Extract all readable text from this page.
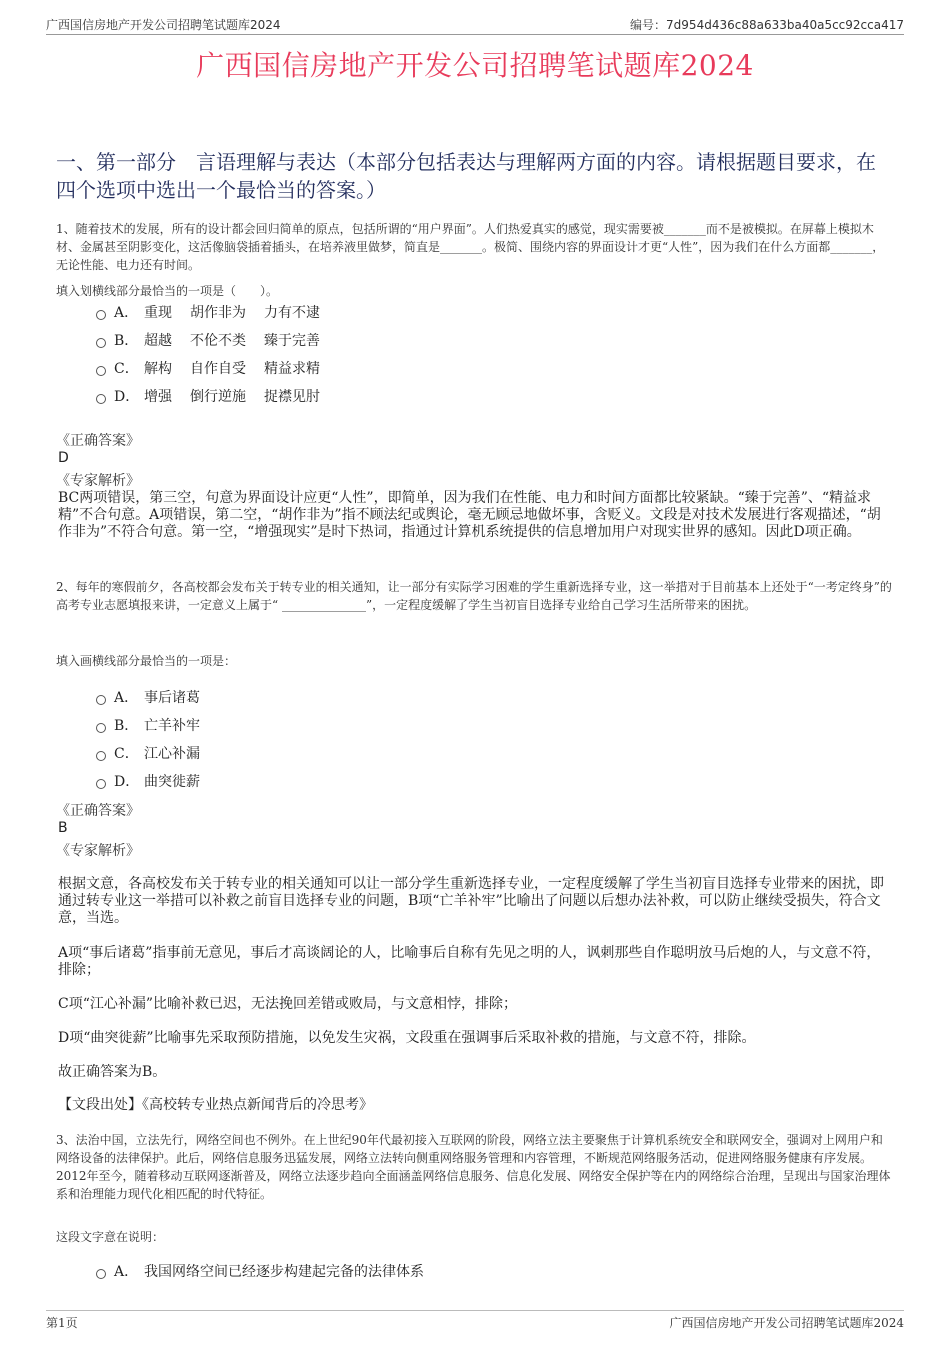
广西国信房地产开发公司招聘笔试题库2024	编号：7d954d436c88a633ba40a5cc92cca417
广西国信房地产开发公司招聘笔试题库2024
一、第一部分　言语理解与表达（本部分包括表达与理解两方面的内容。请根据题目要求，在四个选项中选出一个最恰当的答案。）
1、随着技术的发展，所有的设计都会回归简单的原点，包括所谓的“用户界面”。人们热爱真实的感觉，现实需要被_______而不是被模拟。在屏幕上模拟木材、金属甚至阴影变化，这活像脑袋插着插头，在培养液里做梦，简直是_______。极简、围绕内容的界面设计才更“人性”，因为我们在什么方面都_______，无论性能、电力还有时间。
填入划横线部分最恰当的一项是（　　）。
A． 重现 胡作非为 力有不逮
B． 超越 不伦不类 臻于完善
C． 解构 自作自受 精益求精
D． 增强 倒行逆施 捉襟见肘
《正确答案》
D
《专家解析》
BC两项错误，第三空，句意为界面设计应更“人性”，即简单，因为我们在性能、电力和时间方面都比较紧缺。“臻于完善”、“精益求精”不合句意。A项错误，第二空，“胡作非为”指不顾法纪或舆论，毫无顾忌地做坏事，含贬义。文段是对技术发展进行客观描述，“胡作非为”不符合句意。第一空，“增强现实”是时下热词，指通过计算机系统提供的信息增加用户对现实世界的感知。因此D项正确。
2、每年的寒假前夕，各高校都会发布关于转专业的相关通知，让一部分有实际学习困难的学生重新选择专业，这一举措对于目前基本上还处于“一考定终身”的高考专业志愿填报来讲，一定意义上属于“ ______________”，一定程度缓解了学生当初盲目选择专业给自己学习生活所带来的困扰。
填入画横线部分最恰当的一项是：
A． 事后诸葛
B． 亡羊补牢
C． 江心补漏
D． 曲突徙薪
《正确答案》
B
《专家解析》
根据文意，各高校发布关于转专业的相关通知可以让一部分学生重新选择专业，一定程度缓解了学生当初盲目选择专业带来的困扰，即通过转专业这一举措可以补救之前盲目选择专业的问题，B项“亡羊补牢”比喻出了问题以后想办法补救，可以防止继续受损失，符合文意，当选。
A项“事后诸葛”指事前无意见，事后才高谈阔论的人，比喻事后自称有先见之明的人，讽刺那些自作聪明放马后炮的人，与文意不符，排除；
C项“江心补漏”比喻补救已迟，无法挽回差错或败局，与文意相悖，排除；
D项“曲突徙薪”比喻事先采取预防措施，以免发生灾祸，文段重在强调事后采取补救的措施，与文意不符，排除。
故正确答案为B。
【文段出处】《高校转专业热点新闻背后的冷思考》
3、法治中国，立法先行，网络空间也不例外。在上世纪90年代最初接入互联网的阶段，网络立法主要聚焦于计算机系统安全和联网安全，强调对上网用户和网络设备的法律保护。此后，网络信息服务迅猛发展，网络立法转向侧重网络服务管理和内容管理，不断规范网络服务活动，促进网络服务健康有序发展。2012年至今，随着移动互联网逐渐普及，网络立法逐步趋向全面涵盖网络信息服务、信息化发展、网络安全保护等在内的网络综合治理，呈现出与国家治理体系和治理能力现代化相匹配的时代特征。
这段文字意在说明：
A． 我国网络空间已经逐步构建起完备的法律体系
第1页	广西国信房地产开发公司招聘笔试题库2024
